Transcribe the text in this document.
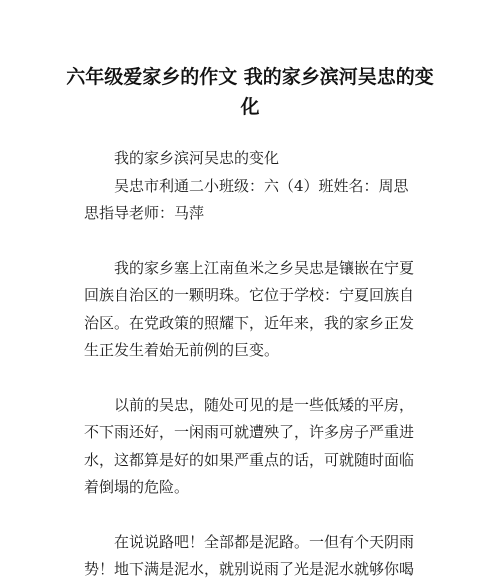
六年级爱家乡的作文 我的家乡滨河吴忠的变化

我的家乡滨河吴忠的变化

吴忠市利通二小班级：六（4）班姓名：周思思指导老师：马萍

我的家乡塞上江南鱼米之乡吴忠是镶嵌在宁夏回族自治区的一颗明珠。它位于学校：宁夏回族自治区。在党政策的照耀下，近年来，我的家乡正发生正发生着始无前例的巨变。

以前的吴忠，随处可见的是一些低矮的平房，不下雨还好，一闲雨可就遭殃了，许多房子严重进水，这都算是好的如果严重点的话，可就随时面临着倒塌的危险。

在说说路吧！全部都是泥路。一但有个天阴雨势！地下满是泥水，就别说雨了光是泥水就够你喝
